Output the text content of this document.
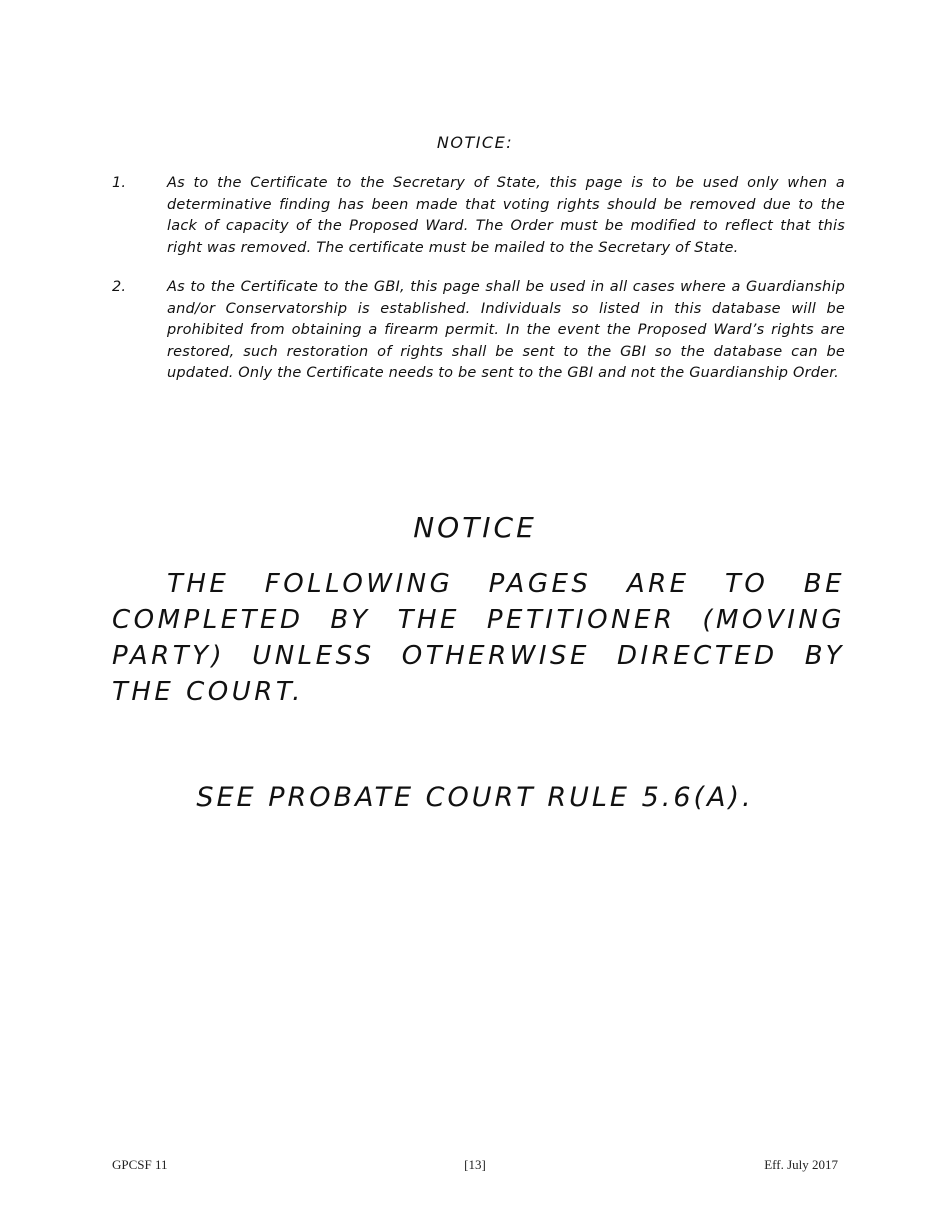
NOTICE:
1.	As to the Certificate to the Secretary of State, this page is to be used only when a determinative finding has been made that voting rights should be removed due to the lack of capacity of the Proposed Ward. The Order must be modified to reflect that this right was removed. The certificate must be mailed to the Secretary of State.
2.	As to the Certificate to the GBI, this page shall be used in all cases where a Guardianship and/or Conservatorship is established. Individuals so listed in this database will be prohibited from obtaining a firearm permit. In the event the Proposed Ward’s rights are restored, such restoration of rights shall be sent to the GBI so the database can be updated. Only the Certificate needs to be sent to the GBI and not the Guardianship Order.
NOTICE
THE FOLLOWING PAGES ARE TO BE COMPLETED BY THE PETITIONER (MOVING PARTY) UNLESS OTHERWISE DIRECTED BY THE COURT.
SEE PROBATE COURT RULE 5.6(A).
GPCSF 11	[13]	Eff. July 2017
